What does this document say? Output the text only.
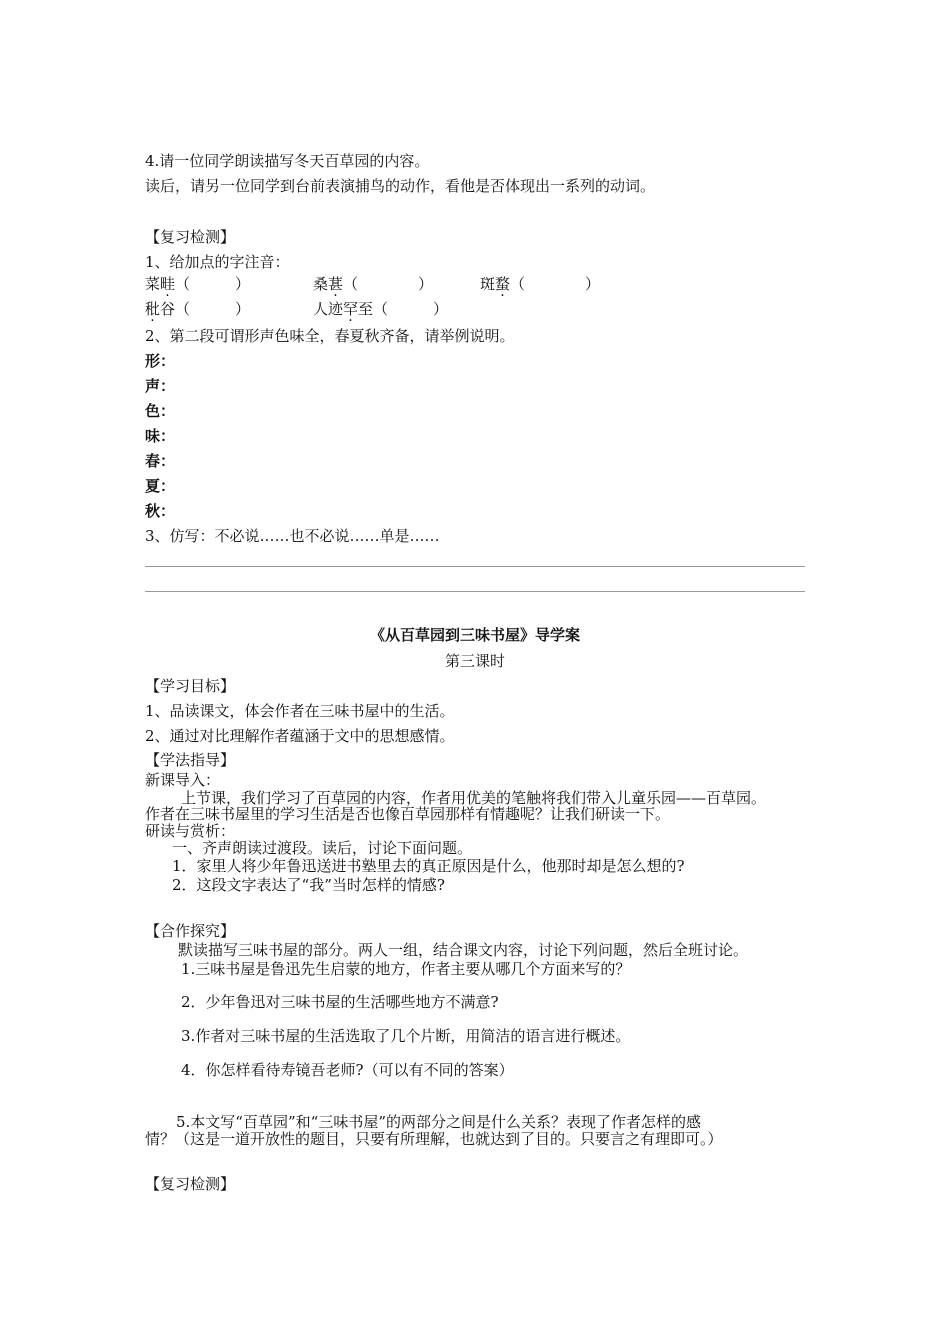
4.请一位同学朗读描写冬天百草园的内容。
读后，请另一位同学到台前表演捕鸟的动作，看他是否体现出一系列的动词。
【复习检测】
1、给加点的字注音：
菜畦（　　　）	桑葚（　　　　）	斑蝥（　　　　）
秕谷（　　　）	人迹罕至（　　　）
2、第二段可谓形声色味全，春夏秋齐备，请举例说明。
形：
声：
色：
味：
春：
夏：
秋：
3、仿写：不必说……也不必说……单是……
《从百草园到三味书屋》导学案
第三课时
【学习目标】
1、品读课文，体会作者在三味书屋中的生活。
2、通过对比理解作者蕴涵于文中的思想感情。
【学法指导】
新课导入：
上节课，我们学习了百草园的内容，作者用优美的笔触将我们带入儿童乐园——百草园。
作者在三味书屋里的学习生活是否也像百草园那样有情趣呢？让我们研读一下。
研读与赏析：
一、齐声朗读过渡段。读后，讨论下面问题。
1．家里人将少年鲁迅送进书塾里去的真正原因是什么，他那时却是怎么想的?
2．这段文字表达了“我”当时怎样的情感?
【合作探究】
默读描写三味书屋的部分。两人一组，结合课文内容，讨论下列问题，然后全班讨论。
1.三味书屋是鲁迅先生启蒙的地方，作者主要从哪几个方面来写的？
2．少年鲁迅对三味书屋的生活哪些地方不满意?
3.作者对三味书屋的生活选取了几个片断，用简洁的语言进行概述。
4．你怎样看待寿镜吾老师?（可以有不同的答案）
5.本文写“百草园”和“三味书屋”的两部分之间是什么关系？表现了作者怎样的感
情？（这是一道开放性的题目，只要有所理解，也就达到了目的。只要言之有理即可。）
【复习检测】
